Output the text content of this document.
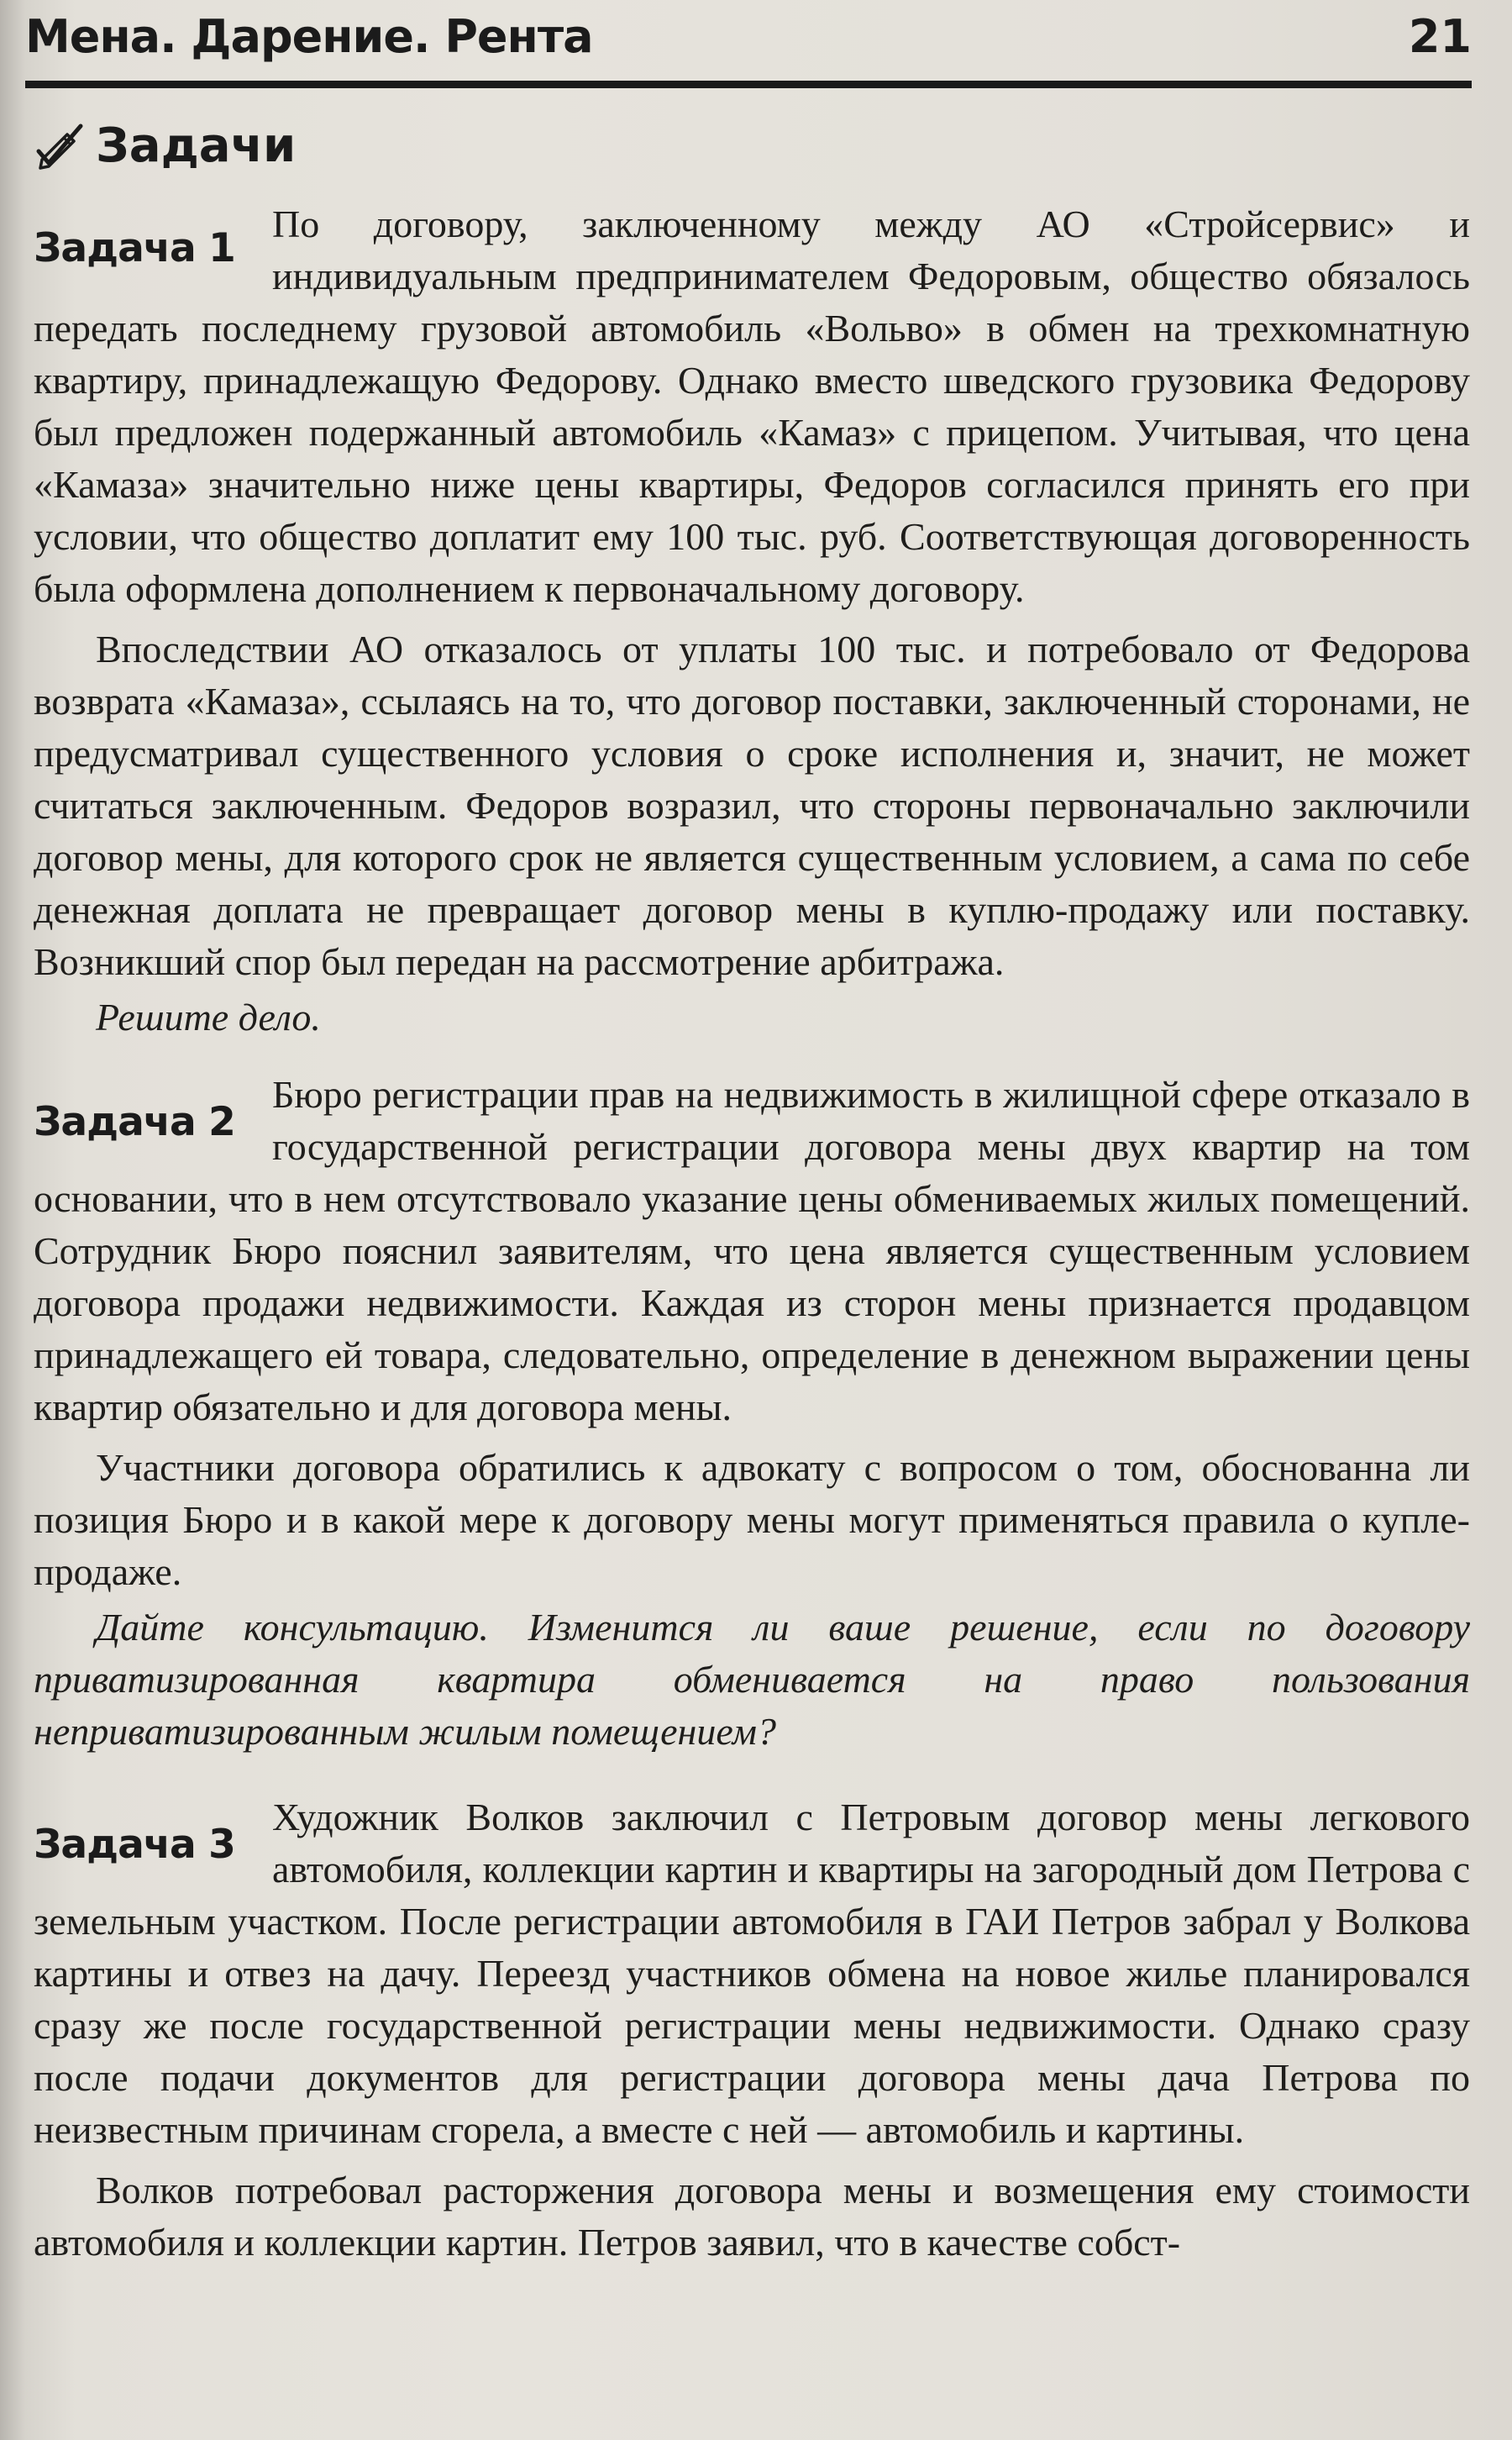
Мена. Дарение. Рента	21
Задачи
Задача 1

По договору, заключенному между АО «Стройсервис» и индивидуальным предпринимателем Федоровым, общество обязалось передать последнему грузовой автомобиль «Вольво» в обмен на трехкомнатную квартиру, принадлежащую Федорову. Однако вместо шведского грузовика Федорову был предложен подержанный автомобиль «Камаз» с прицепом. Учитывая, что цена «Камаза» значительно ниже цены квартиры, Федоров согласился принять его при условии, что общество доплатит ему 100 тыс. руб. Соответствующая договоренность была оформлена дополнением к первоначальному договору.

Впоследствии АО отказалось от уплаты 100 тыс. и потребовало от Федорова возврата «Камаза», ссылаясь на то, что договор поставки, заключенный сторонами, не предусматривал существенного условия о сроке исполнения и, значит, не может считаться заключенным. Федоров возразил, что стороны первоначально заключили договор мены, для которого срок не является существенным условием, а сама по себе денежная доплата не превращает договор мены в куплю-продажу или поставку. Возникший спор был передан на рассмотрение арбитража.

Решите дело.

Задача 2

Бюро регистрации прав на недвижимость в жилищной сфере отказало в государственной регистрации договора мены двух квартир на том основании, что в нем отсутствовало указание цены обмениваемых жилых помещений. Сотрудник Бюро пояснил заявителям, что цена является существенным условием договора продажи недвижимости. Каждая из сторон мены признается продавцом принадлежащего ей товара, следовательно, определение в денежном выражении цены квартир обязательно и для договора мены.

Участники договора обратились к адвокату с вопросом о том, обоснованна ли позиция Бюро и в какой мере к договору мены могут применяться правила о купле-продаже.

Дайте консультацию. Изменится ли ваше решение, если по договору приватизированная квартира обменивается на право пользования неприватизированным жилым помещением?

Задача 3

Художник Волков заключил с Петровым договор мены легкового автомобиля, коллекции картин и квартиры на загородный дом Петрова с земельным участком. После регистрации автомобиля в ГАИ Петров забрал у Волкова картины и отвез на дачу. Переезд участников обмена на новое жилье планировался сразу же после государственной регистрации мены недвижимости. Однако сразу после подачи документов для регистрации договора мены дача Петрова по неизвестным причинам сгорела, а вместе с ней — автомобиль и картины.

Волков потребовал расторжения договора мены и возмещения ему стоимости автомобиля и коллекции картин. Петров заявил, что в качестве собст-
